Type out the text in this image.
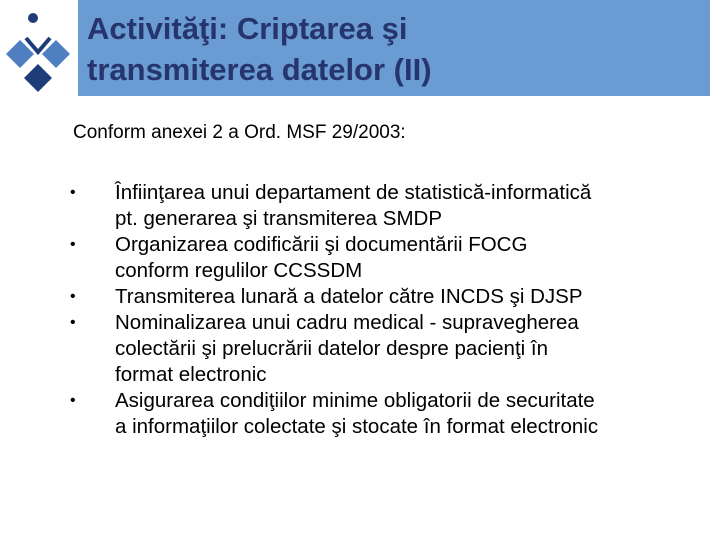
Activităţi: Criptarea şi
transmiterea datelor (II)
Conform anexei 2 a Ord. MSF 29/2003:
• Înfiinţarea unui departament de statistică-informatică
pt. generarea şi transmiterea SMDP
• Organizarea codificării şi documentării FOCG
conform regulilor CCSSDM
• Transmiterea lunară a datelor către INCDS şi DJSP
• Nominalizarea unui cadru medical - supravegherea
colectării şi prelucrării datelor despre pacienţi în
format electronic
• Asigurarea condiţiilor minime obligatorii de securitate
a informaţiilor colectate şi stocate în format electronic
